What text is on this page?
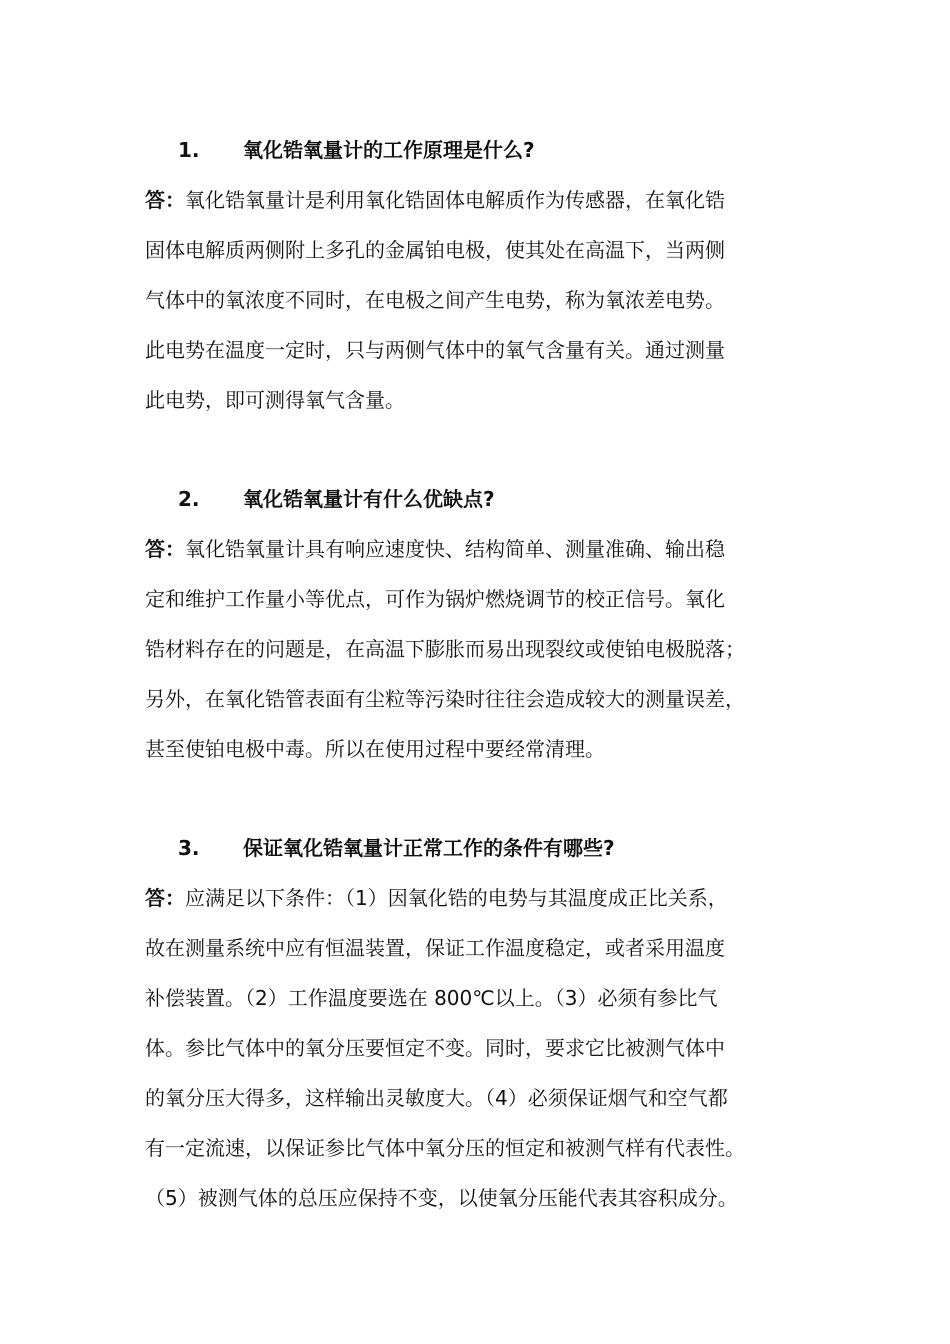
1. 氧化锆氧量计的工作原理是什么?
答：氧化锆氧量计是利用氧化锆固体电解质作为传感器，在氧化锆
固体电解质两侧附上多孔的金属铂电极，使其处在高温下，当两侧
气体中的氧浓度不同时，在电极之间产生电势，称为氧浓差电势。
此电势在温度一定时，只与两侧气体中的氧气含量有关。通过测量
此电势，即可测得氧气含量。
2. 氧化锆氧量计有什么优缺点?
答：氧化锆氧量计具有响应速度快、结构简单、测量准确、输出稳
定和维护工作量小等优点，可作为锅炉燃烧调节的校正信号。氧化
锆材料存在的问题是，在高温下膨胀而易出现裂纹或使铂电极脱落；
另外，在氧化锆管表面有尘粒等污染时往往会造成较大的测量误差，
甚至使铂电极中毒。所以在使用过程中要经常清理。
3. 保证氧化锆氧量计正常工作的条件有哪些?
答：应满足以下条件：（1）因氧化锆的电势与其温度成正比关系，
故在测量系统中应有恒温装置，保证工作温度稳定，或者采用温度
补偿装置。（2）工作温度要选在 800℃以上。（3）必须有参比气
体。参比气体中的氧分压要恒定不变。同时，要求它比被测气体中
的氧分压大得多，这样输出灵敏度大。（4）必须保证烟气和空气都
有一定流速，以保证参比气体中氧分压的恒定和被测气样有代表性。
（5）被测气体的总压应保持不变，以使氧分压能代表其容积成分。
